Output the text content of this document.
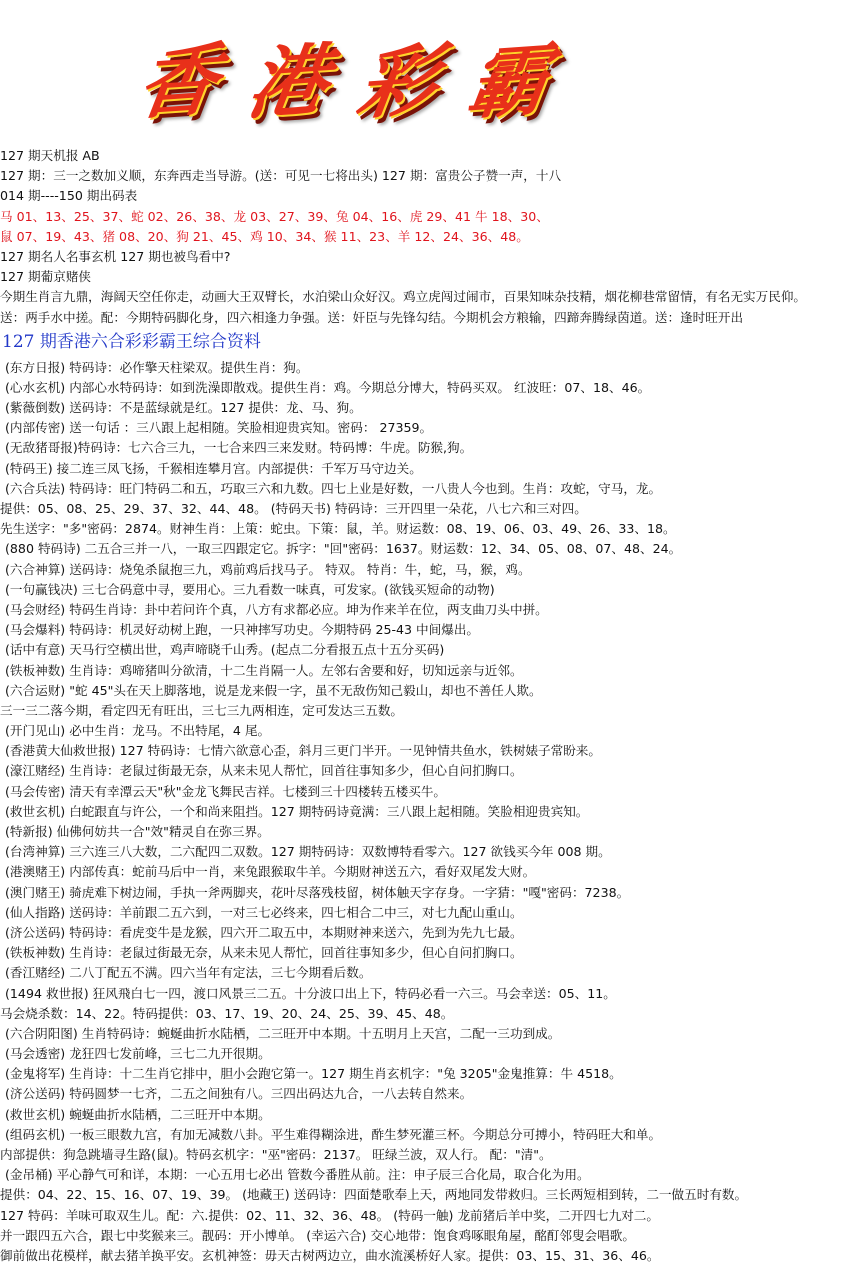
香 港 彩 霸
127 期天机报 AB
127 期：三一之数加义顺，东奔西走当导游。(送：可见一七将出头) 127 期：富贵公子赞一声，十八
014 期----150 期出码表
马 01、13、25、37、蛇 02、26、38、龙 03、27、39、兔 04、16、虎 29、41 牛 18、30、
鼠 07、19、43、猪 08、20、狗 21、45、鸡 10、34、猴 11、23、羊 12、24、36、48。
127 期名人名事玄机 127 期也被鸟看中?
127 期葡京赌侠
今期生肖言九鼎，海阔天空任你走，动画大王双臂长，水泊梁山众好汉。鸡立虎闯过闹市，百果知味杂技精，烟花柳巷常留情，有名无实万民仰。
送：两手水中搓。配：今期特码脚化身，四六相逢力争强。送：奸臣与先锋勾结。今期机会方粮输，四蹄奔腾绿茵道。送：逢时旺开出
127 期香港六合彩彩霸王综合资料
(东方日报) 特码诗：必作擎天柱梁双。提供生肖：狗。
(心水玄机) 内部心水特码诗：如到洗澡即散戏。提供生肖：鸡。今期总分博大，特码买双。 红波旺：07、18、46。
(紫薇倒数) 送码诗：不是蓝绿就是红。127 提供：龙、马、狗。
(内部传密) 送一句话 ：三八跟上起相随。笑脸相迎贵宾知。密码： 27359。
(无敌猪哥报)特码诗：七六合三九，一七合来四三来发财。特码博：牛虎。防猴,狗。
(特码王) 接二连三凤飞扬，千猴相连攀月宫。内部提供：千军万马守边关。
(六合兵法) 特码诗：旺门特码二和五，巧取三六和九数。四七上业是好数，一八贵人今也到。生肖：攻蛇，守马，龙。
提供：05、08、25、29、37、32、44、48。 (特码天书) 特码诗：三开四里一朵花，八七六和三对四。
先生送字："多"密码：2874。财神生肖：上策：蛇虫。下策：鼠，羊。财运数：08、19、06、03、49、26、33、18。
(880 特码诗) 二五合三并一八，一取三四跟定它。拆字："回"密码：1637。财运数：12、34、05、08、07、48、24。
(六合神算) 送码诗：烧兔杀鼠抱三九，鸡前鸡后找马子。 特双。 特肖：牛，蛇，马，猴，鸡。
(一句赢钱决) 三七合码意中寻，要用心。三九看数一味真，可发家。(欲钱买短命的动物)
(马会财经) 特码生肖诗：卦中若问许个真，八方有求都必应。坤为作来羊在位，两支曲刀头中拼。
(马会爆料) 特码诗：机灵好动树上跑，一只神摔写功史。今期特码 25-43 中间爆出。
(话中有意) 天马行空横出世，鸡声啼晓千山秀。(起点二分看报五点十五分买码)
(铁板神数) 生肖诗：鸡啼猪叫分欲清，十二生肖隔一人。左邻右舍要和好，切知远亲与近邻。
(六合运财) "蛇 45"头在天上脚落地，说是龙来假一字，虽不无敌伤知己毅山，却也不善任人欺。
三一三二落今期，看定四无有旺出，三七三九两相连，定可发达三五数。
(开门见山) 必中生肖：龙马。不出特尾，4 尾。
(香港黄大仙救世报) 127 特码诗：七情六欲意心歪，斜月三更门半开。一见钟情共鱼水，铁树婊子常盼来。
(濠江赌经) 生肖诗：老鼠过街最无奈，从来未见人帮忙，回首往事知多少，但心自问扪胸口。
(马会传密) 清天有幸潭云天"秋"金龙飞舞民吉祥。七楼到三十四楼转五楼买牛。
(救世玄机) 白蛇跟直与许公，一个和尚来阻挡。127 期特码诗竟满：三八跟上起相随。笑脸相迎贵宾知。
(特新报) 仙佛何妨共一合"效"精灵自在弥三界。
(台湾神算) 三六连三八大数，二六配四二双数。127 期特码诗：双数博特看零六。127 欲钱买今年 008 期。
(港澳赌王) 内部传真：蛇前马后中一肖，来兔跟猴取牛羊。今期财神送五六，看好双尾发大财。
(澳门赌王) 骑虎难下树边闹，手执一斧两脚夹，花叶尽落残枝留，树体触天字存身。一字猜："嘎"密码：7238。
(仙人指路) 送码诗：羊前跟二五六到，一对三七必终来，四七相合二中三，对七九配山重山。
(济公送码) 特码诗：看虎变牛是龙猴，四六开二取五中，本期财神来送六，先到为先九七最。
(铁板神数) 生肖诗：老鼠过街最无奈，从来未见人帮忙，回首往事知多少，但心自问扪胸口。
(香江赌经) 二八丁配五不满。四六当年有定法，三七今期看后数。
(1494 救世报) 狂风飛白七一四，渡口风景三二五。十分波口出上下，特码必看一六三。马会幸送：05、11。
马会烧杀数：14、22。特码提供：03、17、19、20、24、25、39、45、48。
(六合阴阳图) 生肖特码诗：蜿蜒曲折水陆栖，二三旺开中本期。十五明月上天宫，二配一三功到成。
(马会透密) 龙狂四七发前峰，三七二九开很期。
(金鬼将军) 生肖诗：十二生肖它排中，胆小会跑它第一。127 期生肖玄机字："兔 3205"金鬼推算：牛 4518。
(济公送码) 特码圆梦一七齐，二五之间独有八。三四出码达九合，一八去转自然来。
(救世玄机) 蜿蜒曲折水陆栖，二三旺开中本期。
(组码玄机) 一板三眼数九宫，有加无减数八卦。平生难得糊涂进，酢生梦死灌三杯。今期总分可搏小，特码旺大和单。
内部提供：狗急跳墙寻生路(鼠)。特码玄机字："巫"密码：2137。 旺绿兰波，双人行。 配："清"。
(金吊桶) 平心静气可和详，本期：一心五用七必出 管数今番胜从前。注：申子辰三合化局，取合化为用。
提供：04、22、15、16、07、19、39。 (地藏王) 送码诗：四面楚歌奉上天，两地同发带救归。三长两短相到转，二一做五时有数。
127 特码：羊味可取双生儿。配：六.提供：02、11、32、36、48。 (特码一触) 龙前猪后羊中奖，二开四七九对二。
并一跟四五六合，跟七中奖猴来三。靓码：开小博单。 (幸运六合) 交心地带：饱食鸡啄眼角屋，酩酊邻叟会唱歌。
御前做出花模样，献去猪羊换平安。玄机神签：毋天古树两边立，曲水流溪桥好人家。提供：03、15、31、36、46。
